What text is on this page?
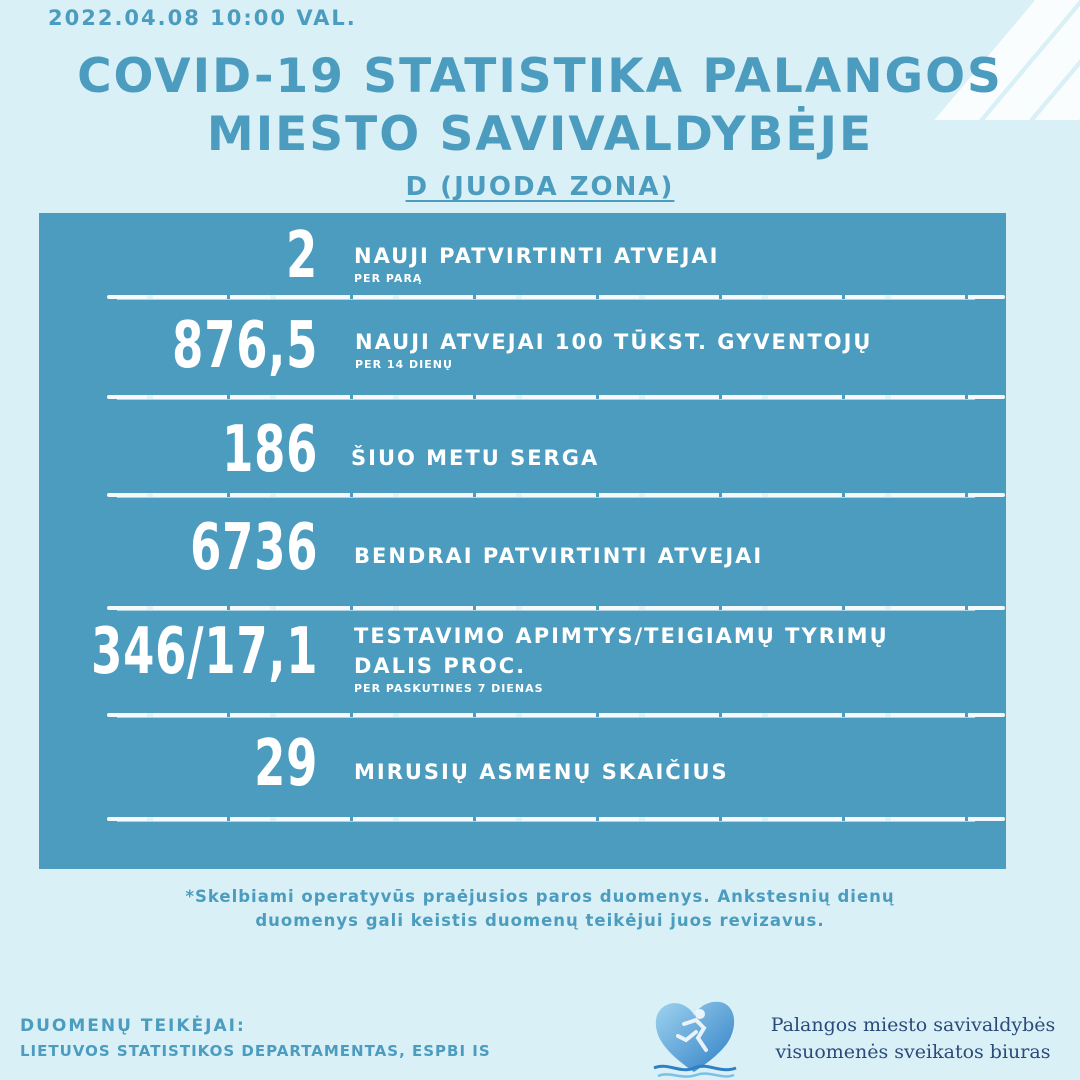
2022.04.08 10:00 VAL.
COVID-19 STATISTIKA PALANGOS
MIESTO SAVIVALDYBĖJE
D (JUODA ZONA)
2 NAUJI PATVIRTINTI ATVEJAI
PER PARĄ
876,5 NAUJI ATVEJAI 100 TŪKST. GYVENTOJŲ
PER 14 DIENŲ
186 ŠIUO METU SERGA
6736 BENDRAI PATVIRTINTI ATVEJAI
346/17,1 TESTAVIMO APIMTYS/TEIGIAMŲ TYRIMŲ
DALIS PROC.
PER PASKUTINES 7 DIENAS
29 MIRUSIŲ ASMENŲ SKAIČIUS
*Skelbiami operatyvūs praėjusios paros duomenys. Ankstesnių dienų
duomenys gali keistis duomenų teikėjui juos revizavus.
DUOMENŲ TEIKĖJAI:
LIETUVOS STATISTIKOS DEPARTAMENTAS, ESPBI IS
Palangos miesto savivaldybės
visuomenės sveikatos biuras
